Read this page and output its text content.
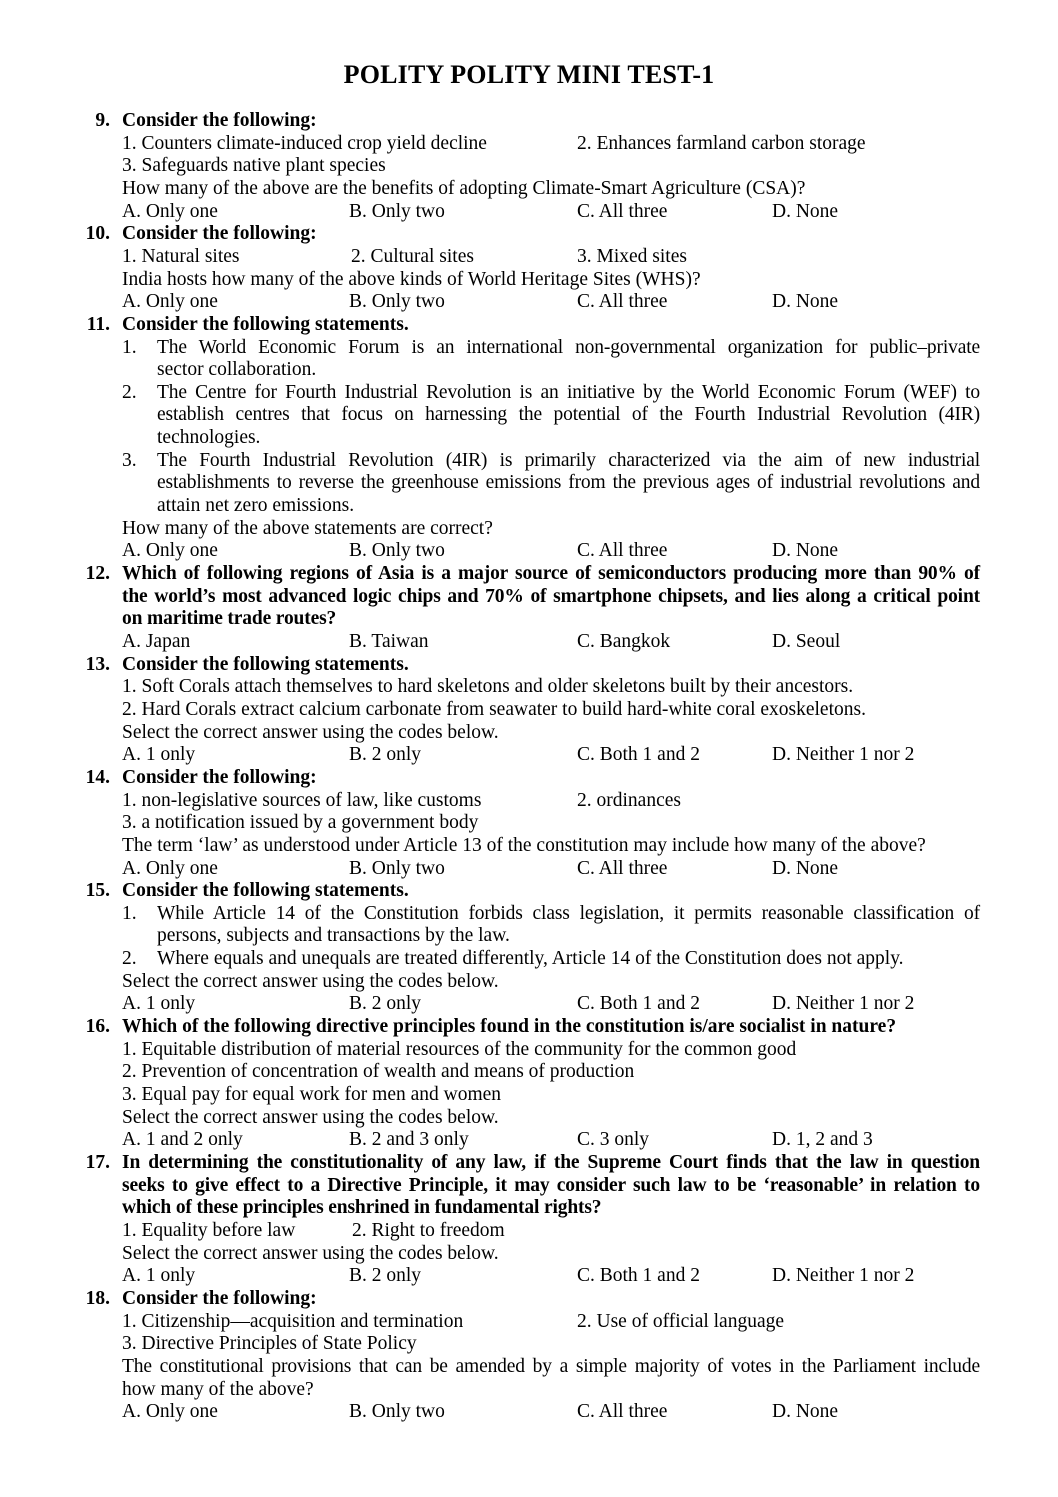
POLITY POLITY MINI TEST-1
9. Consider the following:
1. Counters climate-induced crop yield decline	2. Enhances farmland carbon storage
3. Safeguards native plant species
How many of the above are the benefits of adopting Climate-Smart Agriculture (CSA)?
A. Only one	B. Only two	C. All three	D. None
10. Consider the following:
1. Natural sites	2. Cultural sites	3. Mixed sites
India hosts how many of the above kinds of World Heritage Sites (WHS)?
A. Only one	B. Only two	C. All three	D. None
11. Consider the following statements.
1.	The World Economic Forum is an international non-governmental organization for public–private
sector collaboration.
2.	The Centre for Fourth Industrial Revolution is an initiative by the World Economic Forum (WEF) to
establish centres that focus on harnessing the potential of the Fourth Industrial Revolution (4IR)
technologies.
3.	The Fourth Industrial Revolution (4IR) is primarily characterized via the aim of new industrial
establishments to reverse the greenhouse emissions from the previous ages of industrial revolutions and
attain net zero emissions.
How many of the above statements are correct?
A. Only one	B. Only two	C. All three	D. None
12. Which of following regions of Asia is a major source of semiconductors producing more than 90% of
the world’s most advanced logic chips and 70% of smartphone chipsets, and lies along a critical point
on maritime trade routes?
A. Japan	B. Taiwan	C. Bangkok	D. Seoul
13. Consider the following statements.
1. Soft Corals attach themselves to hard skeletons and older skeletons built by their ancestors.
2. Hard Corals extract calcium carbonate from seawater to build hard-white coral exoskeletons.
Select the correct answer using the codes below.
A. 1 only	B. 2 only	C. Both 1 and 2	D. Neither 1 nor 2
14. Consider the following:
1. non-legislative sources of law, like customs	2. ordinances
3. a notification issued by a government body
The term ‘law’ as understood under Article 13 of the constitution may include how many of the above?
A. Only one	B. Only two	C. All three	D. None
15. Consider the following statements.
1.	While Article 14 of the Constitution forbids class legislation, it permits reasonable classification of
persons, subjects and transactions by the law.
2.	Where equals and unequals are treated differently, Article 14 of the Constitution does not apply.
Select the correct answer using the codes below.
A. 1 only	B. 2 only	C. Both 1 and 2	D. Neither 1 nor 2
16. Which of the following directive principles found in the constitution is/are socialist in nature?
1. Equitable distribution of material resources of the community for the common good
2. Prevention of concentration of wealth and means of production
3. Equal pay for equal work for men and women
Select the correct answer using the codes below.
A. 1 and 2 only	B. 2 and 3 only	C. 3 only	D. 1, 2 and 3
17. In determining the constitutionality of any law, if the Supreme Court finds that the law in question
seeks to give effect to a Directive Principle, it may consider such law to be ‘reasonable’ in relation to
which of these principles enshrined in fundamental rights?
1. Equality before law	2. Right to freedom
Select the correct answer using the codes below.
A. 1 only	B. 2 only	C. Both 1 and 2	D. Neither 1 nor 2
18. Consider the following:
1. Citizenship—acquisition and termination	2. Use of official language
3. Directive Principles of State Policy
The constitutional provisions that can be amended by a simple majority of votes in the Parliament include
how many of the above?
A. Only one	B. Only two	C. All three	D. None
